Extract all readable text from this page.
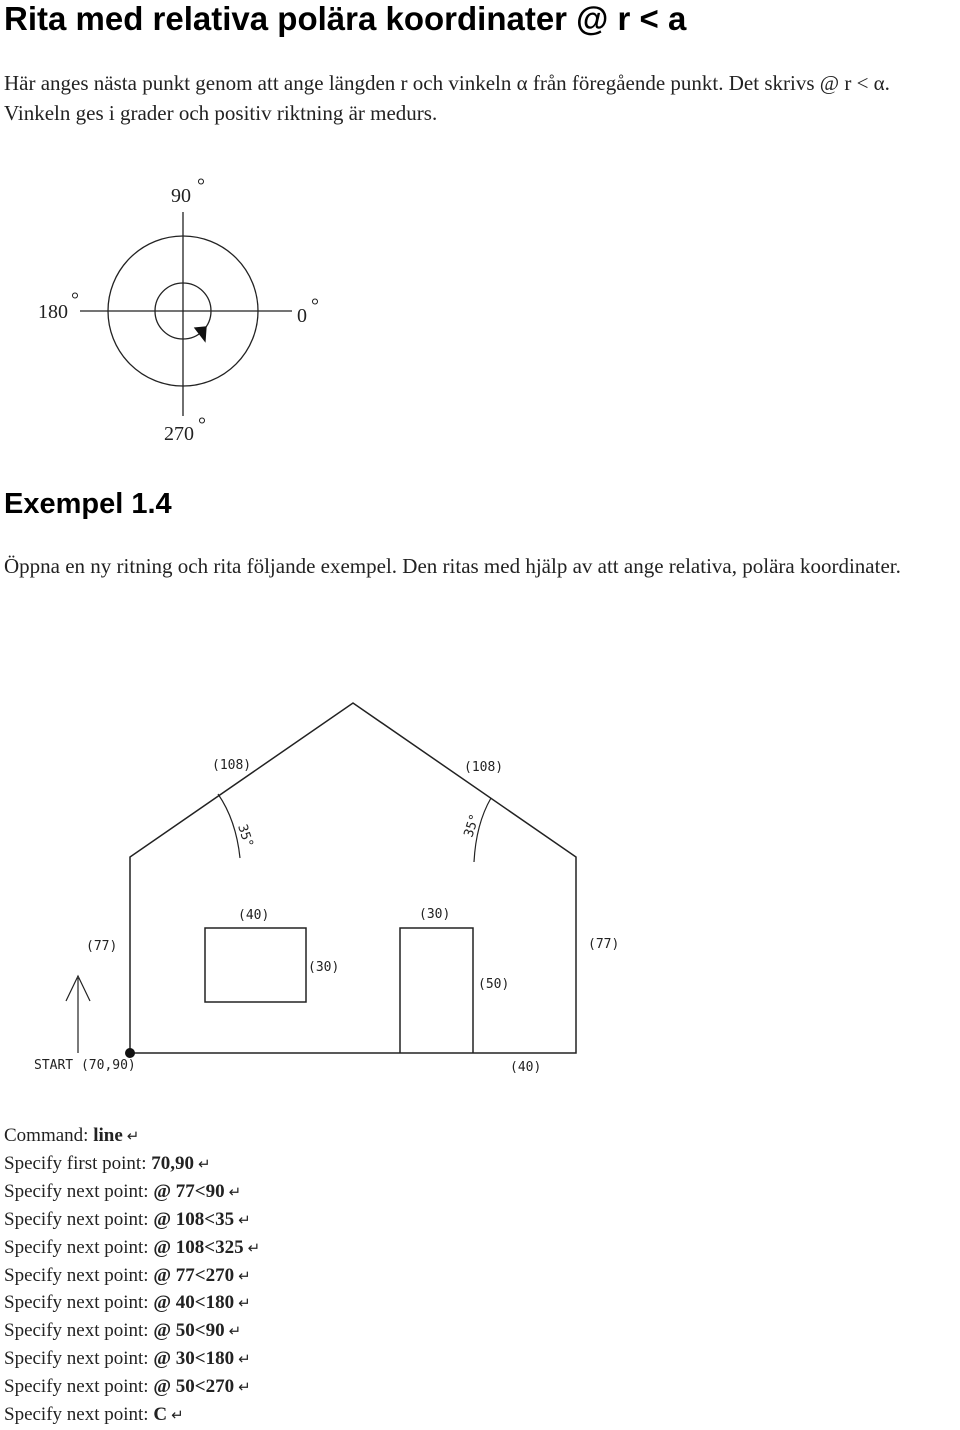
Rita med relativa polära koordinater @ r < a

Här anges nästa punkt genom att ange längden r och vinkeln α från föregående punkt. Det skrivs @ r < α. Vinkeln ges i grader och positiv riktning är medurs.

90 °
180
°
0 °
270 °
(108)	(108)
35°	35°
(77)	(77)
(40)
(30)
(30)
(50)
(40)
START (70,90)
Exempel 1.4

Öppna en ny ritning och rita följande exempel. Den ritas med hjälp av att ange relativa, polära koordinater.

Command: line ↵
Specify first point: 70,90 ↵
Specify next point: @ 77<90 ↵
Specify next point: @ 108<35 ↵
Specify next point: @ 108<325 ↵
Specify next point: @ 77<270 ↵
Specify next point: @ 40<180 ↵
Specify next point: @ 50<90 ↵
Specify next point: @ 30<180 ↵
Specify next point: @ 50<270 ↵
Specify next point: C ↵
